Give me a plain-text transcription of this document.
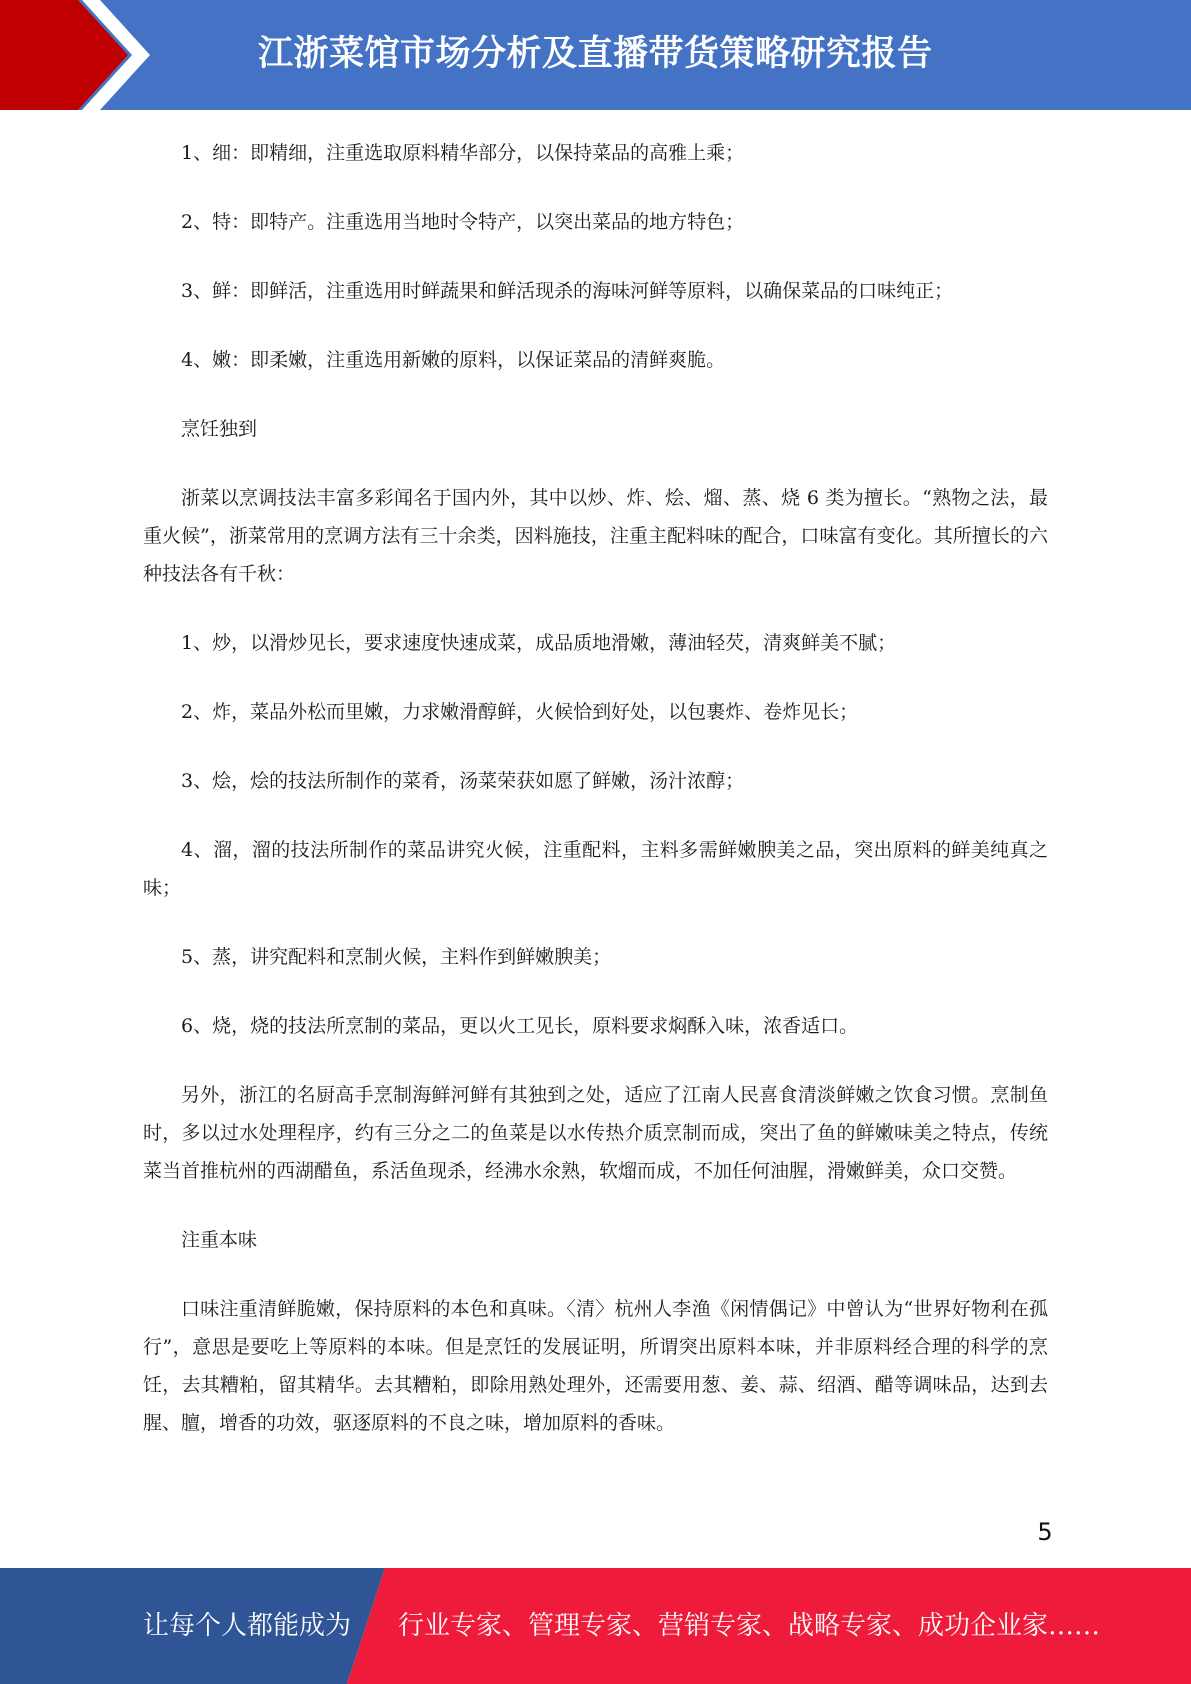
江浙菜馆市场分析及直播带货策略研究报告

1、细：即精细，注重选取原料精华部分，以保持菜品的高雅上乘；

2、特：即特产。注重选用当地时令特产，以突出菜品的地方特色；

3、鲜：即鲜活，注重选用时鲜蔬果和鲜活现杀的海味河鲜等原料，以确保菜品的口味纯正；

4、嫩：即柔嫩，注重选用新嫩的原料，以保证菜品的清鲜爽脆。

烹饪独到

浙菜以烹调技法丰富多彩闻名于国内外，其中以炒、炸、烩、熘、蒸、烧 6 类为擅长。“熟物之法，最重火候”，浙菜常用的烹调方法有三十余类，因料施技，注重主配料味的配合，口味富有变化。其所擅长的六种技法各有千秋：

1、炒，以滑炒见长，要求速度快速成菜，成品质地滑嫩，薄油轻芡，清爽鲜美不腻；

2、炸，菜品外松而里嫩，力求嫩滑醇鲜，火候恰到好处，以包裹炸、卷炸见长；

3、烩，烩的技法所制作的菜肴，汤菜荣获如愿了鲜嫩，汤汁浓醇；

4、溜，溜的技法所制作的菜品讲究火候，注重配料，主料多需鲜嫩腴美之品，突出原料的鲜美纯真之味；

5、蒸，讲究配料和烹制火候，主料作到鲜嫩腴美；

6、烧，烧的技法所烹制的菜品，更以火工见长，原料要求焖酥入味，浓香适口。

另外，浙江的名厨高手烹制海鲜河鲜有其独到之处，适应了江南人民喜食清淡鲜嫩之饮食习惯。烹制鱼时，多以过水处理程序，约有三分之二的鱼菜是以水传热介质烹制而成，突出了鱼的鲜嫩味美之特点，传统菜当首推杭州的西湖醋鱼，系活鱼现杀，经沸水氽熟，软熘而成，不加任何油腥，滑嫩鲜美，众口交赞。

注重本味

口味注重清鲜脆嫩，保持原料的本色和真味。〈清〉杭州人李渔《闲情偶记》中曾认为“世界好物利在孤行”，意思是要吃上等原料的本味。但是烹饪的发展证明，所谓突出原料本味，并非原料经合理的科学的烹饪，去其糟粕，留其精华。去其糟粕，即除用熟处理外，还需要用葱、姜、蒜、绍酒、醋等调味品，达到去腥、膻，增香的功效，驱逐原料的不良之味，增加原料的香味。

5
让每个人都能成为 行业专家、管理专家、营销专家、战略专家、成功企业家……
